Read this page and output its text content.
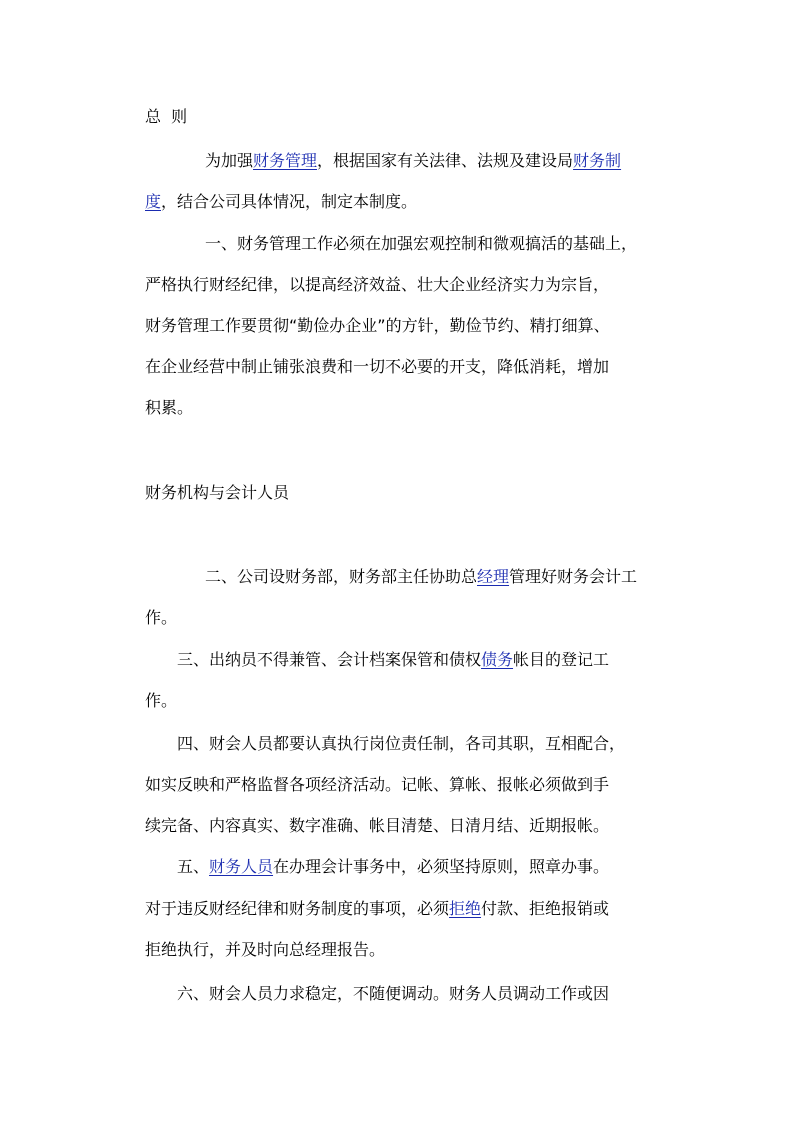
总  则
为加强财务管理，根据国家有关法律、法规及建设局财务制
度，结合公司具体情况，制定本制度。
一、财务管理工作必须在加强宏观控制和微观搞活的基础上，
严格执行财经纪律，以提高经济效益、壮大企业经济实力为宗旨，
财务管理工作要贯彻“勤俭办企业”的方针，勤俭节约、精打细算、
在企业经营中制止铺张浪费和一切不必要的开支，降低消耗，增加
积累。
财务机构与会计人员
二、公司设财务部，财务部主任协助总经理管理好财务会计工
作。
三、出纳员不得兼管、会计档案保管和债权债务帐目的登记工
作。
四、财会人员都要认真执行岗位责任制，各司其职，互相配合，
如实反映和严格监督各项经济活动。记帐、算帐、报帐必须做到手
续完备、内容真实、数字准确、帐目清楚、日清月结、近期报帐。
五、财务人员在办理会计事务中，必须坚持原则，照章办事。
对于违反财经纪律和财务制度的事项，必须拒绝付款、拒绝报销或
拒绝执行，并及时向总经理报告。
六、财会人员力求稳定，不随便调动。财务人员调动工作或因
